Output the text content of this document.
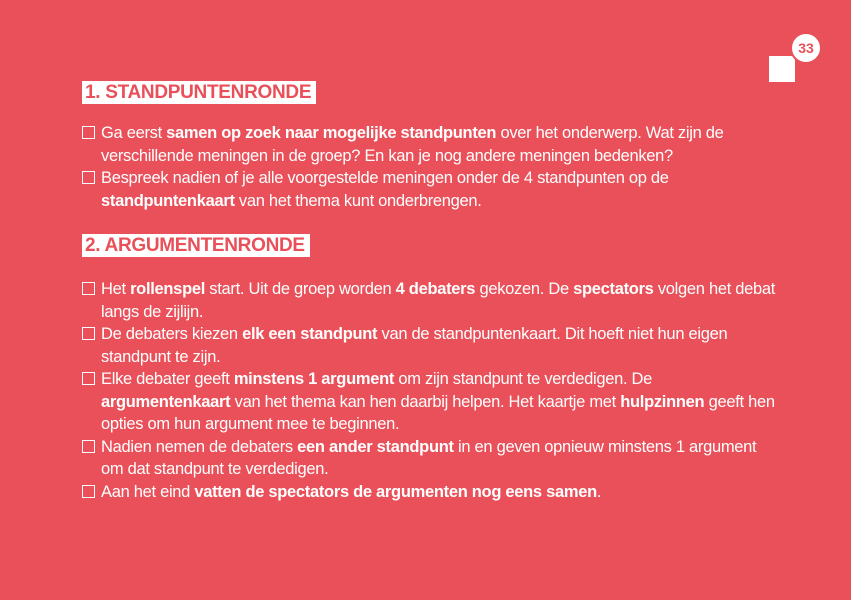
33
1. STANDPUNTENRONDE
Ga eerst samen op zoek naar mogelijke standpunten over het onderwerp. Wat zijn de verschillende meningen in de groep? En kan je nog andere meningen bedenken?
Bespreek nadien of je alle voorgestelde meningen onder de 4 standpunten op de standpuntenkaart van het thema kunt onderbrengen.
2. ARGUMENTENRONDE
Het rollenspel start. Uit de groep worden 4 debaters gekozen. De spectators volgen het debat langs de zijlijn.
De debaters kiezen elk een standpunt van de standpuntenkaart. Dit hoeft niet hun eigen standpunt te zijn.
Elke debater geeft minstens 1 argument om zijn standpunt te verdedigen. De argumentenkaart van het thema kan hen daarbij helpen. Het kaartje met hulpzinnen geeft hen opties om hun argument mee te beginnen.
Nadien nemen de debaters een ander standpunt in en geven opnieuw minstens 1 argument om dat standpunt te verdedigen.
Aan het eind vatten de spectators de argumenten nog eens samen.
